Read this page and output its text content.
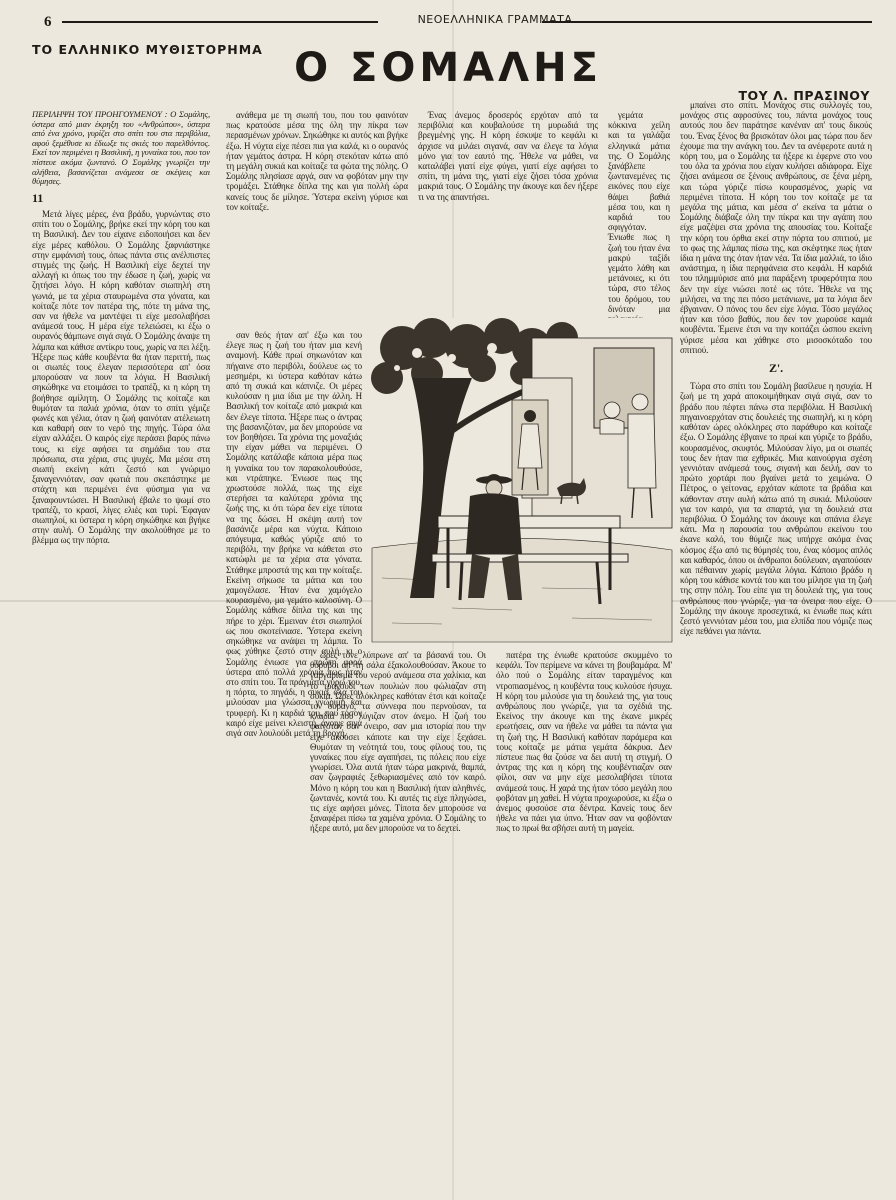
6	ΝΕΟΕΛΛΗΝΙΚΑ ΓΡΑΜΜΑΤΑ
ΤΟ ΕΛΛΗΝΙΚΟ ΜΥΘΙΣΤΟΡΗΜΑ Ο ΣΟΜΑΛΗΣ
ΤΟΥ Λ. ΠΡΑΣΙΝΟΥ
ΠΕΡΙΛΗΨΗ ΤΟΥ ΠΡΟΗΓΟΥΜΕΝΟΥ : Ο Σομάλης, ύστερα από μιαν έκρηξη του «Ανθρώπου», ύστερα από ένα χρόνο, γυρίζει στο σπίτι του στα περιβόλια, αφού ξεμέθυσε κι έδιωξε τις σκιές του παρελθόντος. Εκεί τον περιμένει η Βασιλική, η γυναίκα του, που τον πίστευε ακόμα ζωντανό. Ο Σομάλης γνωρίζει την αλήθεια, βασανίζεται ανάμεσα σε σκέψεις και θύμησες.
11

Μετά λίγες μέρες, ένα βράδυ, γυρνώντας στο σπίτι του ο Σομάλης, βρήκε εκεί την κόρη του και τη Βασιλική. Δεν του είχανε ειδοποιήσει και δεν είχε μέρες καθόλου. Ο Σομάλης ξαφνιάστηκε στην εμφάνισή τους, όπως πάντα στις ανέλπιστες στιγμές της ζωής. Η Βασιλική είχε δεχτεί την αλλαγή κι όπως του την έδωσε η ζωή, χωρίς να ζητήσει λόγο. Η κόρη καθόταν σιωπηλή στη γωνιά, με τα χέρια σταυρωμένα στα γόνατα, και κοίταζε πότε τον πατέρα της, πότε τη μάνα της, σαν να ήθελε να μαντέψει τι είχε μεσολαβήσει ανάμεσά τους. Η μέρα είχε τελειώσει, κι έξω ο ουρανός θάμπωνε σιγά σιγά. Ο Σομάλης άναψε τη λάμπα και κάθισε αντίκρυ τους, χωρίς να πει λέξη. Ήξερε πως κάθε κουβέντα θα ήταν περιττή, πως οι σιωπές τους έλεγαν περισσότερα απ' όσα μπορούσαν να πουν τα λόγια. Η Βασιλική σηκώθηκε να ετοιμάσει το τραπέζι, κι η κόρη τη βοήθησε αμίλητη. Ο Σομάλης τις κοίταζε και θυμόταν τα παλιά χρόνια, όταν το σπίτι γέμιζε φωνές και γέλια, όταν η ζωή φαινόταν ατέλειωτη και καθαρή σαν το νερό της πηγής. Τώρα όλα είχαν αλλάξει. Ο καιρός είχε περάσει βαρύς πάνω τους, κι είχε αφήσει τα σημάδια του στα πρόσωπα, στα χέρια, στις ψυχές. Μα μέσα στη σιωπή εκείνη κάτι ζεστό και γνώριμο ξαναγεννιόταν, σαν φωτιά που σκεπάστηκε με στάχτη και περιμένει ένα φύσημα για να ξαναφουντώσει. Η Βασιλική έβαλε το ψωμί στο τραπέζι, το κρασί, λίγες ελιές και τυρί. Έφαγαν σιωπηλοί, κι ύστερα η κόρη σηκώθηκε και βγήκε στην αυλή. Ο Σομάλης την ακολούθησε με το βλέμμα ως την πόρτα.

ανάθεμα με τη σιωπή του, που του φαινόταν πως κρατούσε μέσα της όλη την πίκρα των περασμένων χρόνων. Σηκώθηκε κι αυτός και βγήκε έξω. Η νύχτα είχε πέσει πια για καλά, κι ο ουρανός ήταν γεμάτος άστρα. Η κόρη στεκόταν κάτω από τη μεγάλη συκιά και κοίταζε τα φώτα της πόλης. Ο Σομάλης πλησίασε αργά, σαν να φοβόταν μην την τρομάξει. Στάθηκε δίπλα της και για πολλή ώρα κανείς τους δε μίλησε. Ύστερα εκείνη γύρισε και τον κοίταξε.

Ένας άνεμος δροσερός ερχόταν από τα περιβόλια και κουβαλούσε τη μυρωδιά της βρεγμένης γης. Η κόρη έσκυψε το κεφάλι κι άρχισε να μιλάει σιγανά, σαν να έλεγε τα λόγια μόνο για τον εαυτό της. Ήθελε να μάθει, να καταλάβει γιατί είχε φύγει, γιατί είχε αφήσει το σπίτι, τη μάνα της, γιατί είχε ζήσει τόσα χρόνια μακριά τους. Ο Σομάλης την άκουγε και δεν ήξερε τι να της απαντήσει.

γεμάτα κόκκινα χείλη και τα γαλάζια ελληνικά μάτια της. Ο Σομάλης ξανάβλεπε ζωντανεμένες τις εικόνες που είχε θάψει βαθιά μέσα του, και η καρδιά του σφιγγόταν. Ένιωθε πως η ζωή του ήταν ένα μακρύ ταξίδι γεμάτο λάθη και μετάνοιες, κι ότι τώρα, στο τέλος του δρόμου, του δινόταν μια

μπαίνει στο σπίτι. Μονάχος στις συλλογές του, μονάχος στις αφροσύνες του, πάντα μονάχος τους αυτούς που δεν παράτησε κανέναν απ' τους δικούς του. Ένας ξένος θα βρισκόταν όλοι μας τώρα που δεν έχουμε πια την ανάγκη του. Δεν τα ανέφεροτε αυτά η κόρη του, μα ο Σομάλης τα ήξερε κι έφερνε στο νου του όλα τα χρόνια που είχαν κυλήσει αδιάφορα. Είχε ζήσει ανάμεσα σε ξένους ανθρώπους, σε ξένα μέρη, και τώρα γύριζε πίσω κουρασμένος, χωρίς να περιμένει τίποτα. Η κόρη του τον κοίταζε με τα μεγάλα της μάτια, και μέσα σ' εκείνα τα μάτια ο Σομάλης διάβαζε όλη την πίκρα και την αγάπη που είχε μαζέψει στα χρόνια της απουσίας του. Κοίταξε την κόρη του όρθια εκεί στην πόρτα του σπιτιού, με το φως της λάμπας πίσω της, και σκέφτηκε πως ήταν ίδια η μάνα της όταν ήταν νέα. Τα ίδια μαλλιά, το ίδιο ανάστημα, η ίδια περηφάνεια στο κεφάλι. Η καρδιά του πλημμύρισε από μια παράξενη τρυφερότητα που δεν την είχε νιώσει ποτέ ως τότε. Ήθελε να της μιλήσει, να της πει πόσο μετάνιωνε, μα τα λόγια δεν έβγαιναν. Ο πόνος του δεν είχε λόγια. Τόσο μεγάλος ήταν και τόσο βαθύς, που δεν τον χωρούσε καμιά κουβέντα. Έμεινε έτσι να την κοιτάζει ώσπου εκείνη γύρισε μέσα και χάθηκε στο μισοσκόταδο του σπιτιού.

Ζ'.

Τώρα στο σπίτι του Σομάλη βασίλευε η ησυχία. Η ζωή με τη χαρά αποκοιμήθηκαν σιγά σιγά, σαν το βράδυ που πέφτει πάνω στα περιβόλια. Η Βασιλική πηγαινοερχόταν στις δουλειές της σιωπηλή, κι η κόρη καθόταν ώρες ολόκληρες στο παράθυρο και κοίταζε έξω. Ο Σομάλης έβγαινε το πρωί και γύριζε το βράδυ, κουρασμένος, σκυφτός. Μιλούσαν λίγο, μα οι σιωπές τους δεν ήταν πια εχθρικές. Μια καινούργια σχέση γεννιόταν ανάμεσά τους, σιγανή και δειλή, σαν το πρώτο χορτάρι που βγαίνει μετά το χειμώνα. Ο Πέτρος, ο γείτονας, ερχόταν κάποτε τα βράδια και κάθονταν στην αυλή κάτω από τη συκιά. Μιλούσαν για τον καιρό, για τα σπαρτά, για τη δουλειά στα περιβόλια. Ο Σομάλης τον άκουγε και σπάνια έλεγε κάτι. Μα η παρουσία του ανθρώπου εκείνου του έκανε καλό, του θύμιζε πως υπήρχε ακόμα ένας κόσμος έξω από τις θύμησές του, ένας κόσμος απλός και καθαρός, όπου οι άνθρωποι δούλευαν, αγαπούσαν και πέθαιναν χωρίς μεγάλα λόγια. Κάποιο βράδυ η κόρη του κάθισε κοντά του και του μίλησε για τη ζωή της στην πόλη. Του είπε για τη δουλειά της, για τους ανθρώπους που γνώριζε, για τα όνειρα που είχε. Ο Σομάλης την άκουγε προσεχτικά, κι ένιωθε πως κάτι ζεστό γεννιόταν μέσα του, μια ελπίδα που νόμιζε πως είχε πεθάνει για πάντα.

σαν θεός ήταν απ' έξω και του έλεγε πως η ζωή του ήταν μια κενή αναμονή. Κάθε πρωί σηκωνόταν και πήγαινε στο περιβόλι, δούλευε ως το μεσημέρι, κι ύστερα καθόταν κάτω από τη συκιά και κάπνιζε. Οι μέρες κυλούσαν η μια ίδια με την άλλη. Η Βασιλική τον κοίταζε από μακριά και δεν έλεγε τίποτα. Ήξερε πως ο άντρας της βασανιζόταν, μα δεν μπορούσε να τον βοηθήσει. Τα χρόνια της μοναξιάς την είχαν μάθει να περιμένει. Ο Σομάλης κατάλαβε κάποια μέρα πως η γυναίκα του τον παρακολουθούσε, και ντράπηκε. Ένιωσε πως της χρωστούσε πολλά, πως της είχε στερήσει τα καλύτερα χρόνια της ζωής της, κι ότι τώρα δεν είχε τίποτα να της δώσει. Η σκέψη αυτή τον βασάνιζε μέρα και νύχτα. Κάποιο απόγευμα, καθώς γύριζε από το περιβόλι, την βρήκε να κάθεται στο κατώφλι με τα χέρια στα γόνατα. Στάθηκε μπροστά της και την κοίταξε. Εκείνη σήκωσε τα μάτια και του χαμογέλασε. Ήταν ένα χαμόγελο κουρασμένο, μα γεμάτο καλοσύνη. Ο Σομάλης κάθισε δίπλα της και της πήρε το χέρι. Έμειναν έτσι σιωπηλοί ως που σκοτείνιασε. Ύστερα εκείνη σηκώθηκε να ανάψει τη λάμπα. Το φως χύθηκε ζεστό στην αυλή, κι ο Σομάλης ένιωσε για πρώτη φορά ύστερα από πολλά χρόνια πως ήταν στο σπίτι του. Τα πράγματα γύρω του, η πόρτα, το πηγάδι, η συκιά, όλα του μιλούσαν μια γλώσσα γνώριμη και τρυφερή. Κι η καρδιά του, που τόσον καιρό είχε μείνει κλειστή, άνοιγε σιγά σιγά σαν λουλούδι μετά τη βροχή.

ώρες τονε λύπρωνε απ' τα βάσανά του. Οι θόρυβοι απ' τη σάλα έξακολουθούσαν. Άκουε το γαργάρισμα του νερού ανάμεσα στα χαλίκια, και το τραγούδι των πουλιών που φώλιαζαν στη συκιά. Ώρες ολόκληρες καθόταν έτσι και κοίταζε τον ουρανό, τα σύννεφα που περνούσαν, τα κλαδιά που λύγιζαν στον άνεμο. Η ζωή του φαινόταν σαν όνειρο, σαν μια ιστορία που την είχε ακούσει κάποτε και την είχε ξεχάσει. Θυμόταν τη νεότητά του, τους φίλους του, τις γυναίκες που είχε αγαπήσει, τις πόλεις που είχε γνωρίσει. Όλα αυτά ήταν τώρα μακρινά, θαμπά, σαν ζωγραφιές ξεθωριασμένες από τον καιρό. Μόνο η κόρη του και η Βασιλική ήταν αληθινές, ζωντανές, κοντά του. Κι αυτές τις είχε πληγώσει, τις είχε αφήσει μόνες. Τίποτα δεν μπορούσε να ξαναφέρει πίσω τα χαμένα χρόνια. Ο Σομάλης το ήξερε αυτό, μα δεν μπορούσε να το δεχτεί.

πατέρα της ένιωθε κρατούσε σκυμμένο το κεφάλι. Τον περίμενε να κάνει τη βουβαμάρα. Μ' όλο πού ο Σομάλης είταν ταραγμένος και ντροπιασμένος, η κουβέντα τους κυλούσε ήσυχα. Η κόρη του μιλούσε για τη δουλειά της, για τους ανθρώπους που γνώριζε, για τα σχέδιά της. Εκείνος την άκουγε και της έκανε μικρές ερωτήσεις, σαν να ήθελε να μάθει τα πάντα για τη ζωή της. Η Βασιλική καθόταν παράμερα και τους κοίταζε με μάτια γεμάτα δάκρυα. Δεν πίστευε πως θα ζούσε να δει αυτή τη στιγμή. Ο άντρας της και η κόρη της κουβέντιαζαν σαν φίλοι, σαν να μην είχε μεσολαβήσει τίποτα ανάμεσά τους. Η χαρά της ήταν τόσο μεγάλη που φοβόταν μη χαθεί. Η νύχτα προχωρούσε, κι έξω ο άνεμος φυσούσε στα δέντρα. Κανείς τους δεν ήθελε να πάει για ύπνο. Ήταν σαν να φοβόνταν πως το πρωί θα σβήσει αυτή τη μαγεία.
